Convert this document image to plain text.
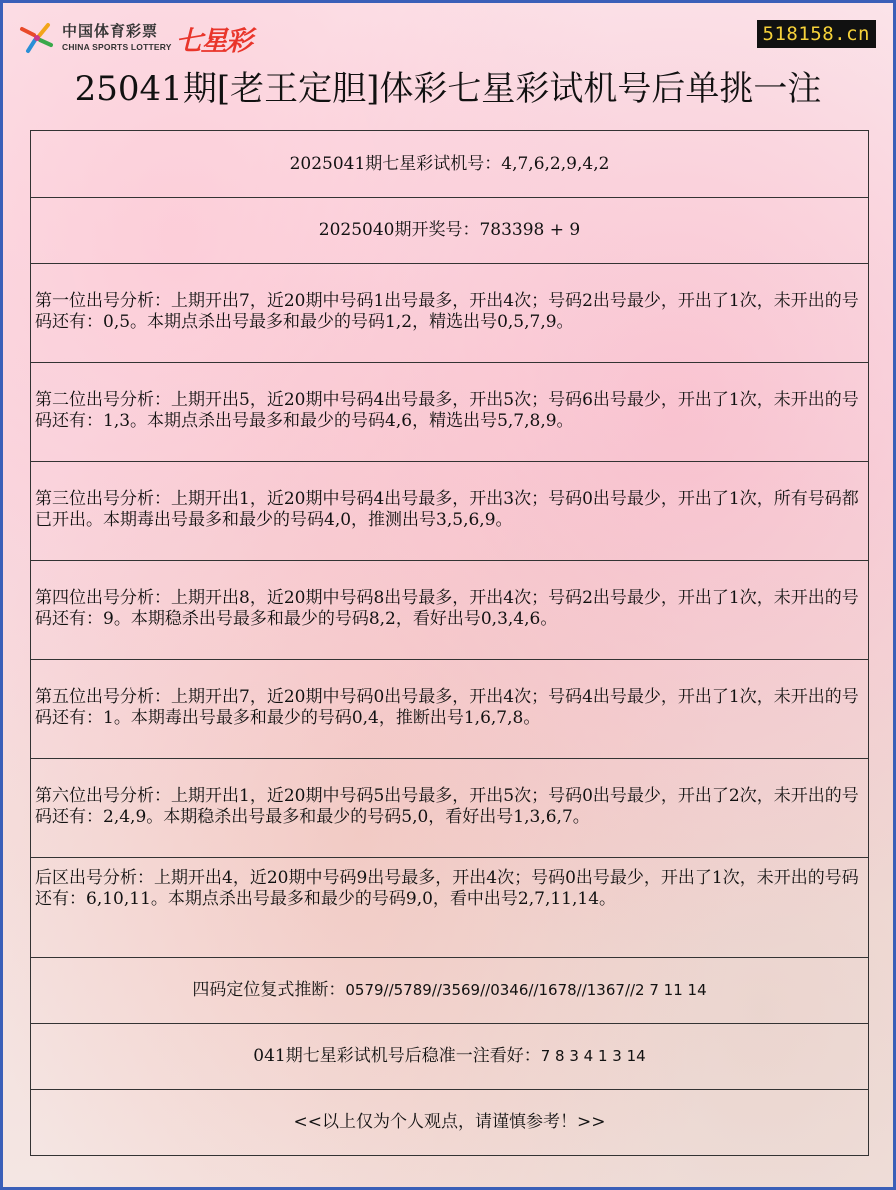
中国体育彩票
CHINA SPORTS LOTTERY 七星彩	518158.cn
25041期[老王定胆]体彩七星彩试机号后单挑一注
2025041期七星彩试机号：4,7,6,2,9,4,2
2025040期开奖号：783398 + 9
第一位出号分析：上期开出7，近20期中号码1出号最多，开出4次；号码2出号最少，开出了1次，未开出的号码还有：0,5。本期点杀出号最多和最少的号码1,2，精选出号0,5,7,9。
第二位出号分析：上期开出5，近20期中号码4出号最多，开出5次；号码6出号最少，开出了1次，未开出的号码还有：1,3。本期点杀出号最多和最少的号码4,6，精选出号5,7,8,9。
第三位出号分析：上期开出1，近20期中号码4出号最多，开出3次；号码0出号最少，开出了1次，所有号码都已开出。本期毒出号最多和最少的号码4,0，推测出号3,5,6,9。
第四位出号分析：上期开出8，近20期中号码8出号最多，开出4次；号码2出号最少，开出了1次，未开出的号码还有：9。本期稳杀出号最多和最少的号码8,2，看好出号0,3,4,6。
第五位出号分析：上期开出7，近20期中号码0出号最多，开出4次；号码4出号最少，开出了1次，未开出的号码还有：1。本期毒出号最多和最少的号码0,4，推断出号1,6,7,8。
第六位出号分析：上期开出1，近20期中号码5出号最多，开出5次；号码0出号最少，开出了2次，未开出的号码还有：2,4,9。本期稳杀出号最多和最少的号码5,0，看好出号1,3,6,7。
后区出号分析：上期开出4，近20期中号码9出号最多，开出4次；号码0出号最少，开出了1次，未开出的号码还有：6,10,11。本期点杀出号最多和最少的号码9,0，看中出号2,7,11,14。
四码定位复式推断： 0579//5789//3569//0346//1678//1367//2 7 11 14
041期七星彩试机号后稳准一注看好： 7 8 3 4 1 3 14
<<以上仅为个人观点，请谨慎参考！>>
